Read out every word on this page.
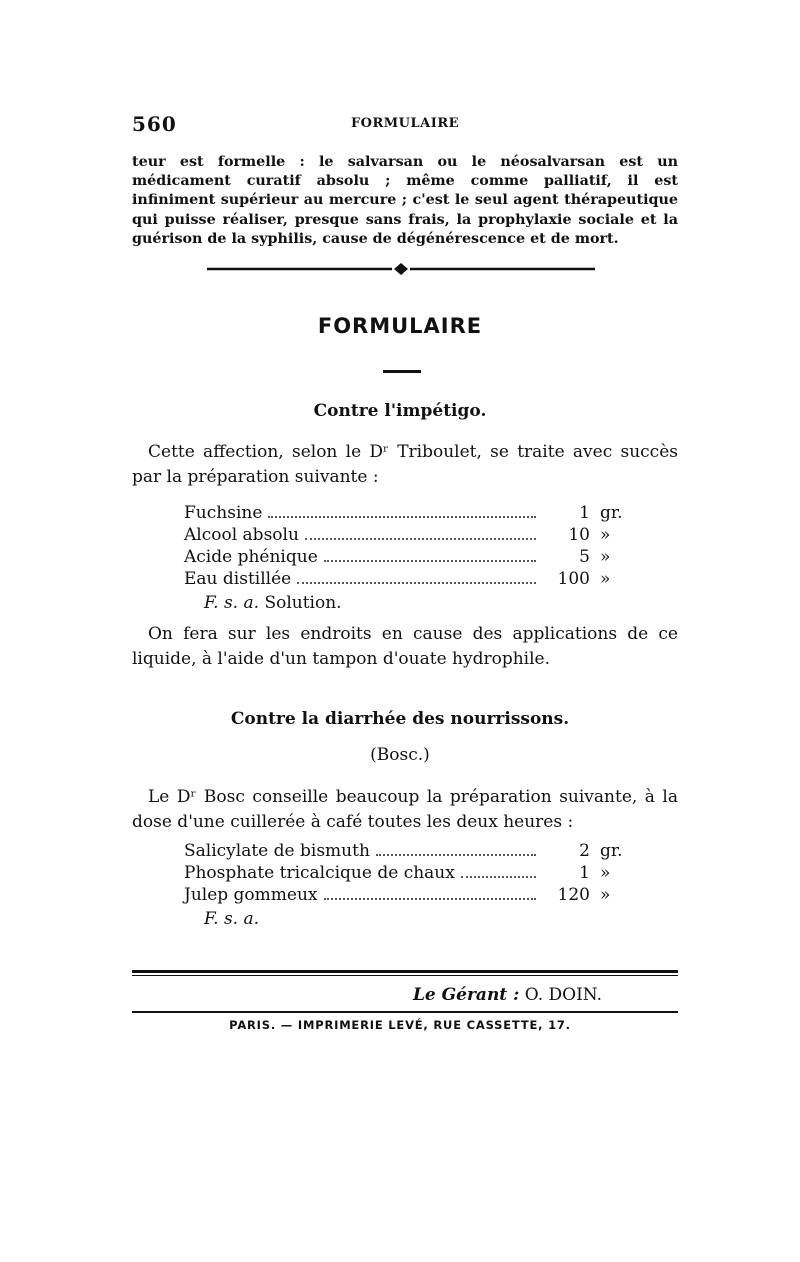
560	FORMULAIRE

teur est formelle : le salvarsan ou le néosalvarsan est un médicament curatif absolu ; même comme palliatif, il est infiniment supérieur au mercure ; c'est le seul agent thérapeutique qui puisse réaliser, presque sans frais, la prophylaxie sociale et la guérison de la syphilis, cause de dégénérescence et de mort.

FORMULAIRE
Contre l'impétigo.

Cette affection, selon le Dʳ Triboulet, se traite avec succès par la préparation suivante :

Fuchsine	1 gr.
Alcool absolu	10 »
Acide phénique	5 »
Eau distillée	100 »
F. s. a. Solution.

On fera sur les endroits en cause des applications de ce liquide, à l'aide d'un tampon d'ouate hydrophile.

Contre la diarrhée des nourrissons.
(Bosc.)

Le Dʳ Bosc conseille beaucoup la préparation suivante, à la dose d'une cuillerée à café toutes les deux heures :

Salicylate de bismuth	2 gr.
Phosphate tricalcique de chaux	1 »
Julep gommeux	120 »
F. s. a.
Le Gérant : O. DOIN.
PARIS. — IMPRIMERIE LEVÉ, RUE CASSETTE, 17.
